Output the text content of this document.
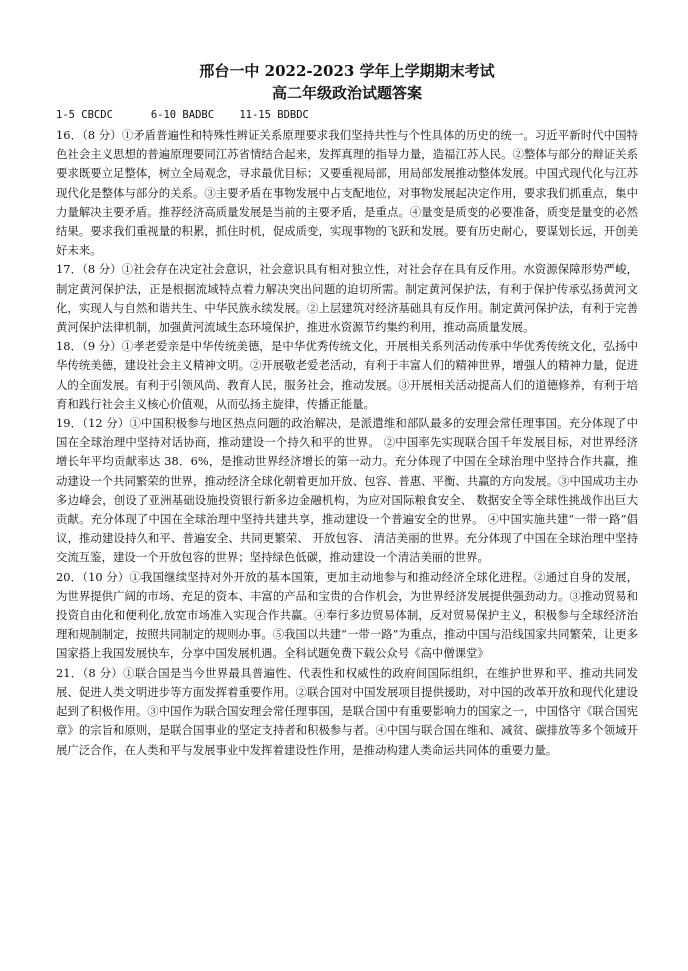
邢台一中 2022-2023 学年上学期期末考试
高二年级政治试题答案
1-5 CBCDC      6-10 BADBC    11-15 BDBDC

16．（8 分）①矛盾普遍性和特殊性辨证关系原理要求我们坚持共性与个性具体的历史的统一。习近平新时代中国特色社会主义思想的普遍原理要同江苏省情结合起来，发挥真理的指导力量，造福江苏人民。②整体与部分的辩证关系要求既要立足整体，树立全局观念，寻求最优目标；又要重视局部，用局部发展推动整体发展。中国式现代化与江苏现代化是整体与部分的关系。③主要矛盾在事物发展中占支配地位，对事物发展起决定作用，要求我们抓重点，集中力量解决主要矛盾。推荐经济高质量发展是当前的主要矛盾，是重点。④量变是质变的必要准备，质变是量变的必然结果。要求我们重视量的积累，抓住时机，促成质变，实现事物的飞跃和发展。要有历史耐心，要谋划长远，开创美好未来。

17．（8 分）①社会存在决定社会意识，社会意识具有相对独立性，对社会存在具有反作用。水资源保障形势严峻，制定黄河保护法，正是根据流域特点着力解决突出问题的迫切所需。制定黄河保护法，有利于保护传承弘扬黄河文化，实现人与自然和谐共生、中华民族永续发展。②上层建筑对经济基础具有反作用。制定黄河保护法，有利于完善黄河保护法律机制，加强黄河流域生态环境保护，推进水资源节约集约利用，推动高质量发展。

18．（9 分）①孝老爱亲是中华传统美德，是中华优秀传统文化，开展相关系列活动传承中华优秀传统文化，弘扬中华传统美德，建设社会主义精神文明。②开展敬老爱老活动，有利于丰富人们的精神世界，增强人的精神力量，促进人的全面发展。有利于引领风尚、教育人民，服务社会，推动发展。③开展相关活动提高人们的道德修养，有利于培育和践行社会主义核心价值观，从而弘扬主旋律，传播正能量。

19．（12 分）①中国积极参与地区热点问题的政治解决，是派遣维和部队最多的安理会常任理事国。充分体现了中国在全球治理中坚持对话协商，推动建设一个持久和平的世界。 ②中国率先实现联合国千年发展目标，对世界经济增长年平均贡献率达 38．6%，是推动世界经济增长的第一动力。充分体现了中国在全球治理中坚持合作共赢，推动建设一个共同繁荣的世界，推动经济全球化朝着更加开放、包容、普惠、平衡、共赢的方向发展。③中国成功主办多边峰会，创设了亚洲基础设施投资银行新多边金融机构，为应对国际粮食安全、 数据安全等全球性挑战作出巨大贡献。充分体现了中国在全球治理中坚持共建共享，推动建设一个普遍安全的世界。 ④中国实施共建“一带一路”倡议，推动建设持久和平、普遍安全、共同更繁荣、 开放包容、 清洁美丽的世界。充分体现了中国在全球治理中坚持交流互鉴，建设一个开放包容的世界；坚持绿色低碳，推动建设一个清洁美丽的世界。

20．（10 分）①我国继续坚持对外开放的基本国策，更加主动地参与和推动经济全球化进程。②通过自身的发展，为世界提供广阔的市场、充足的资本、丰富的产品和宝贵的合作机会，为世界经济发展提供强劲动力。③推动贸易和投资自由化和便利化,放宽市场准入实现合作共赢。④奉行多边贸易体制，反对贸易保护主义，积极参与全球经济治理和规制制定，按照共同制定的规则办事。⑤我国以共建“一带一路”为重点，推动中国与沿线国家共同繁荣，让更多国家搭上我国发展快车，分享中国发展机遇。全科试题免费下载公众号《高中僧课堂》

21．（8 分）①联合国是当今世界最具普遍性、代表性和权威性的政府间国际组织，在维护世界和平、推动共同发展、促进人类文明进步等方面发挥着重要作用。②联合国对中国发展项目提供援助，对中国的改革开放和现代化建设起到了积极作用。③中国作为联合国安理会常任理事国，是联合国中有重要影响力的国家之一，中国恪守《联合国宪章》的宗旨和原则，是联合国事业的坚定支持者和积极参与者。④中国与联合国在维和、减贫、碳排放等多个领域开展广泛合作，在人类和平与发展事业中发挥着建设性作用，是推动构建人类命运共同体的重要力量。
